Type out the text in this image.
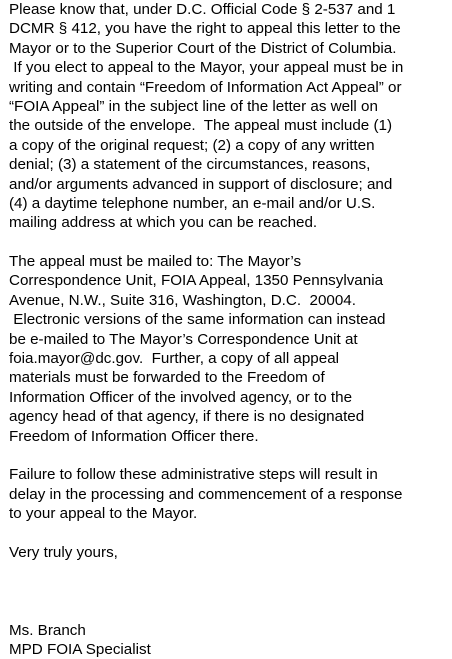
Please know that, under D.C. Official Code § 2-537 and 1
DCMR § 412, you have the right to appeal this letter to the
Mayor or to the Superior Court of the District of Columbia.
If you elect to appeal to the Mayor, your appeal must be in
writing and contain “Freedom of Information Act Appeal” or
“FOIA Appeal” in the subject line of the letter as well on
the outside of the envelope.  The appeal must include (1)
a copy of the original request; (2) a copy of any written
denial; (3) a statement of the circumstances, reasons,
and/or arguments advanced in support of disclosure; and
(4) a daytime telephone number, an e-mail and/or U.S.
mailing address at which you can be reached.
The appeal must be mailed to: The Mayor’s
Correspondence Unit, FOIA Appeal, 1350 Pennsylvania
Avenue, N.W., Suite 316, Washington, D.C.  20004.
Electronic versions of the same information can instead
be e-mailed to The Mayor’s Correspondence Unit at
foia.mayor@dc.gov.  Further, a copy of all appeal
materials must be forwarded to the Freedom of
Information Officer of the involved agency, or to the
agency head of that agency, if there is no designated
Freedom of Information Officer there.
Failure to follow these administrative steps will result in
delay in the processing and commencement of a response
to your appeal to the Mayor.
Very truly yours,
Ms. Branch
MPD FOIA Specialist
